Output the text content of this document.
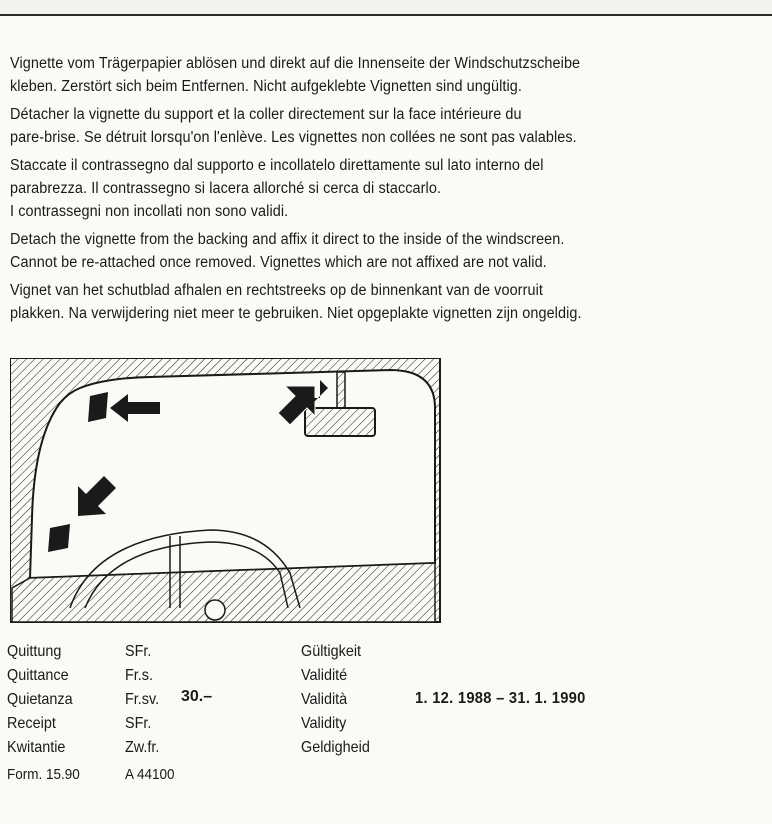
Vignette vom Trägerpapier ablösen und direkt auf die Innenseite der Windschutzscheibe
kleben. Zerstört sich beim Entfernen. Nicht aufgeklebte Vignetten sind ungültig.

Détacher la vignette du support et la coller directement sur la face intérieure du
pare-brise. Se détruit lorsqu'on l'enlève. Les vignettes non collées ne sont pas valables.

Staccate il contrassegno dal supporto e incollatelo direttamente sul lato interno del
parabrezza. Il contrassegno si lacera allorché si cerca di staccarlo.
I contrassegni non incollati non sono validi.

Detach the vignette from the backing and affix it direct to the inside of the windscreen.
Cannot be re-attached once removed. Vignettes which are not affixed are not valid.

Vignet van het schutblad afhalen en rechtstreeks op de binnenkant van de voorruit
plakken. Na verwijdering niet meer te gebruiken. Niet opgeplakte vignetten zijn ongeldig.

Quittung
Quittance
Quietanza
Receipt
Kwitantie
SFr.
Fr.s.
Fr.sv.
SFr.
Zw.fr.
30.–
Gültigkeit
Validité
Validità
Validity
Geldigheid
1. 12. 1988 – 31. 1. 1990
Form. 15.90	A 44100
